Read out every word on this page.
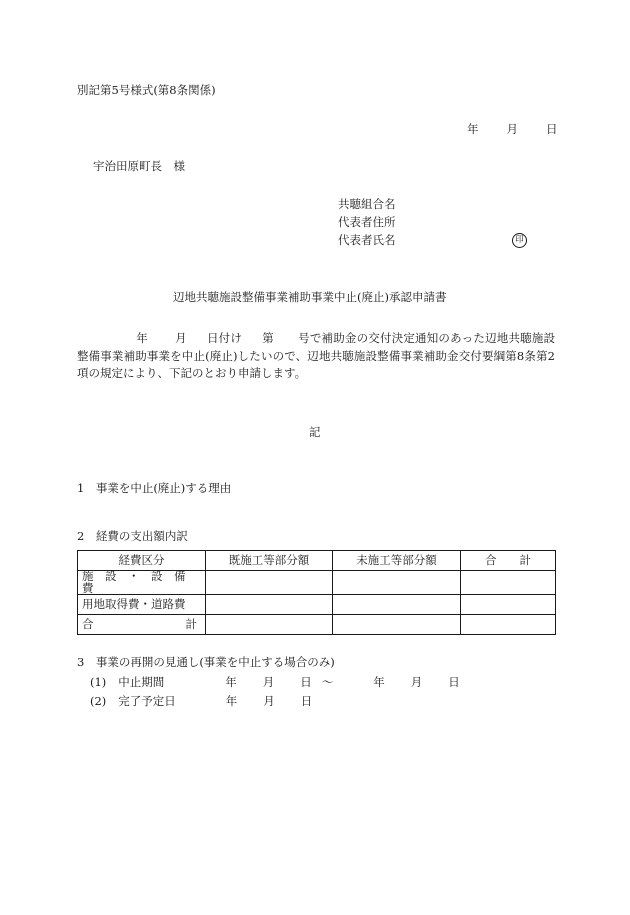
別記第5号様式(第8条関係)
年 月 日
宇治田原町長　様
共聴組合名
代表者住所
代表者氏名	印
辺地共聴施設整備事業補助事業中止(廃止)承認申請書
年 月 日付け 第 号で補助金の交付決定通知のあった辺地共聴施設整備事業補助事業を中止(廃止)したいので、辺地共聴施設整備事業補助金交付要綱第8条第2項の規定により、下記のとおり申請します。
記
1　事業を中止(廃止)する理由
2　経費の支出額内訳
経費区分	既施工等部分額	未施工等部分額	合　　計
施　設　・　設　備　費			
用地取得費・道路費			
合　　　　　　　　計			
3　事業の再開の見通し(事業を中止する場合のみ)
(1) 中止期間	年 月 日 ～	年 月 日
(2) 完了予定日	年 月 日
